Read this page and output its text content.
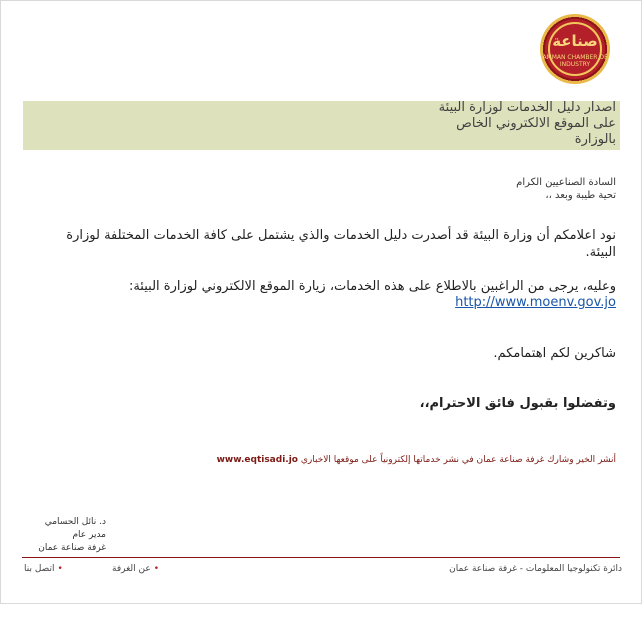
صناعة
AMMAN CHAMBER OF INDUSTRY
اصدار دليل الخدمات لوزارة البيئة
على الموقع الالكتروني الخاص
بالوزارة
السادة الصناعيين الكرام
تحية طيبة وبعد ،،
نود اعلامكم أن وزارة البيئة قد أصدرت دليل الخدمات والذي يشتمل على كافة الخدمات المختلفة لوزارة البيئة.
وعليه، يرجى من الراغبين بالاطلاع على هذه الخدمات، زيارة الموقع الالكتروني لوزارة البيئة:
http://www.moenv.gov.jo
شاكرين لكم اهتمامكم.
وتفضلوا بقبول فائق الاحترام،،
أنشر الخير وشارك غرفة صناعة عمان في نشر خدماتها إلكترونياً على موقعها الاخباري www.eqtisadi.jo
د. نائل الحسامي
مدير عام
غرفة صناعة عمان
دائرة تكنولوجيا المعلومات - غرفة صناعة عمان
•عن الغرفة
•اتصل بنا
